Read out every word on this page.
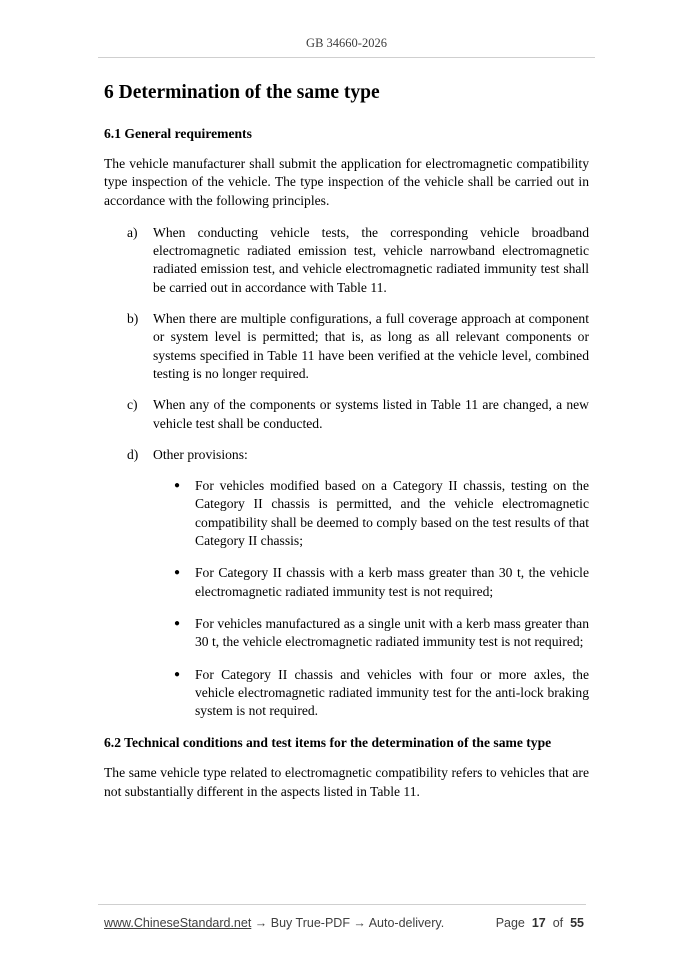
GB 34660-2026
6 Determination of the same type
6.1 General requirements

The vehicle manufacturer shall submit the application for electromagnetic compatibility type inspection of the vehicle. The type inspection of the vehicle shall be carried out in accordance with the following principles.

a) When conducting vehicle tests, the corresponding vehicle broadband electromagnetic radiated emission test, vehicle narrowband electromagnetic radiated emission test, and vehicle electromagnetic radiated immunity test shall be carried out in accordance with Table 11.

b) When there are multiple configurations, a full coverage approach at component or system level is permitted; that is, as long as all relevant components or systems specified in Table 11 have been verified at the vehicle level, combined testing is no longer required.

c) When any of the components or systems listed in Table 11 are changed, a new vehicle test shall be conducted.

d) Other provisions:

● For vehicles modified based on a Category II chassis, testing on the Category II chassis is permitted, and the vehicle electromagnetic compatibility shall be deemed to comply based on the test results of that Category II chassis;

● For Category II chassis with a kerb mass greater than 30 t, the vehicle electromagnetic radiated immunity test is not required;

● For vehicles manufactured as a single unit with a kerb mass greater than 30 t, the vehicle electromagnetic radiated immunity test is not required;

● For Category II chassis and vehicles with four or more axles, the vehicle electromagnetic radiated immunity test for the anti-lock braking system is not required.

6.2 Technical conditions and test items for the determination of the same type

The same vehicle type related to electromagnetic compatibility refers to vehicles that are not substantially different in the aspects listed in Table 11.

www.ChineseStandard.net → Buy True-PDF → Auto-delivery.	Page 17 of 55
